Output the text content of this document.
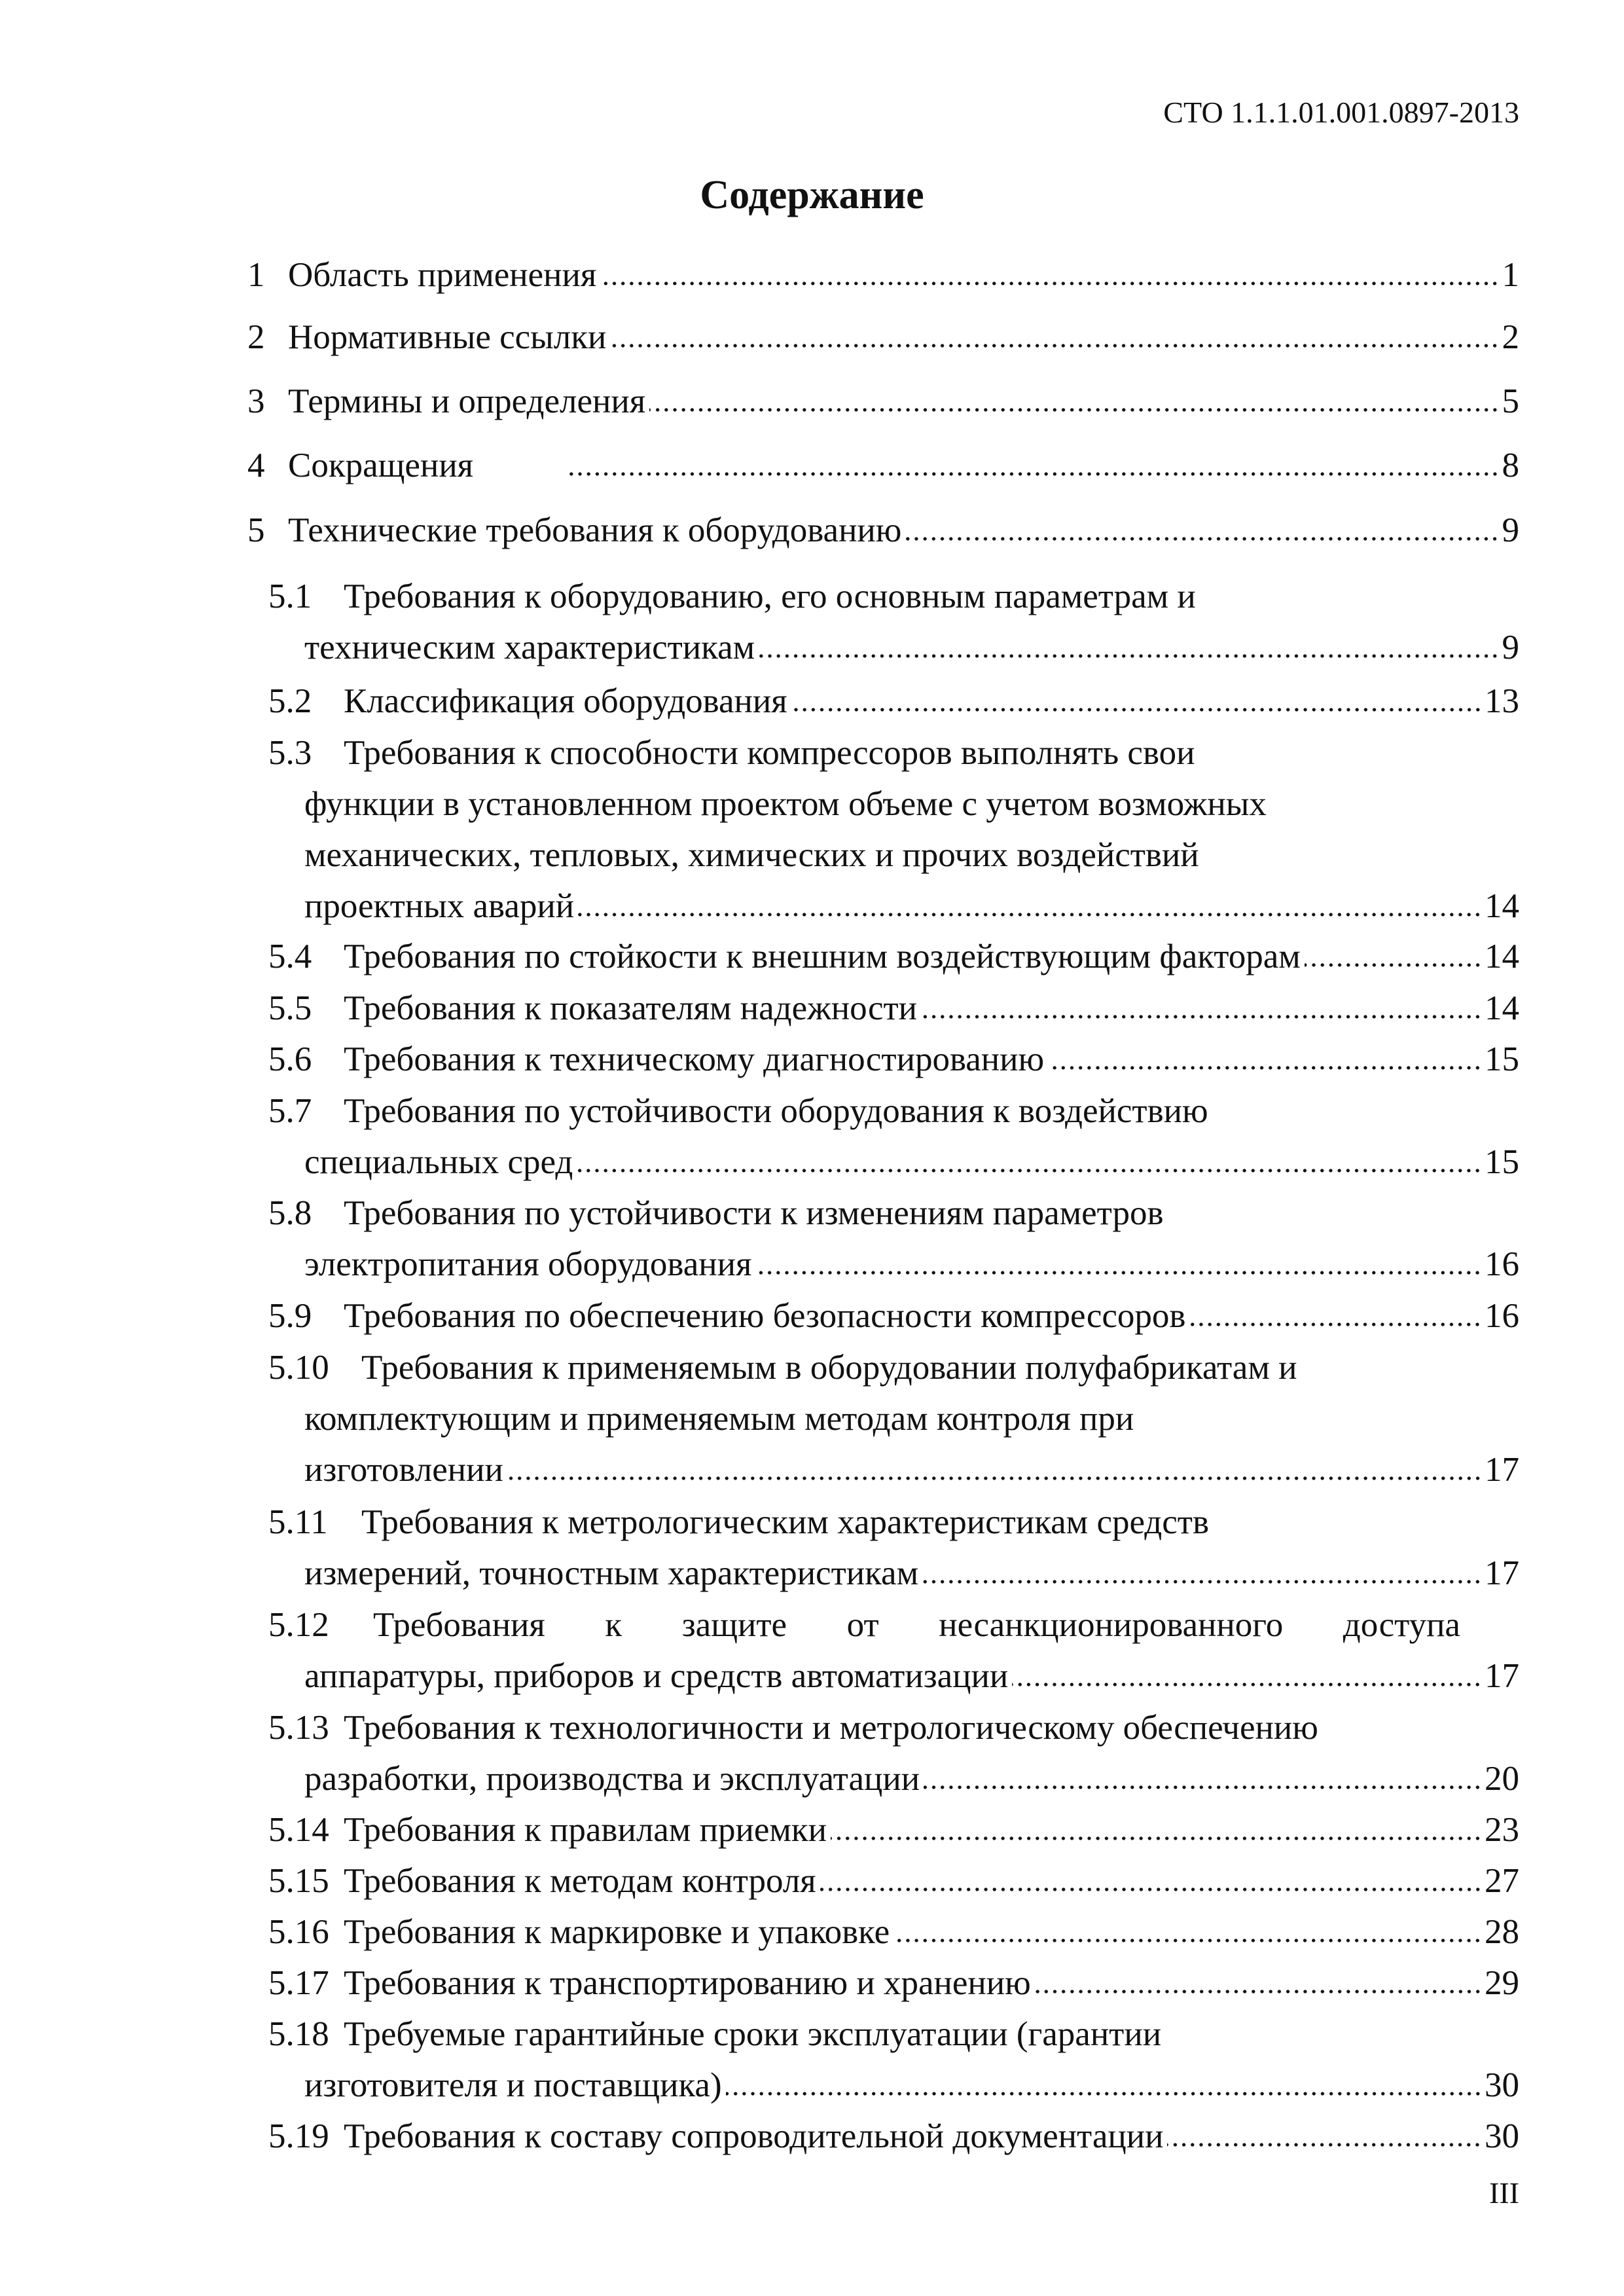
СТО 1.1.1.01.001.0897-2013
Содержание
1 Область применения	1
2 Нормативные ссылки	2
3 Термины и определения	5
4 Сокращения	8
5 Технические требования к оборудованию	9
5.1 Требования к оборудованию, его основным параметрам и
техническим характеристикам	9
5.2 Классификация оборудования	13
5.3 Требования к способности компрессоров выполнять свои
функции в установленном проектом объеме с учетом возможных
механических, тепловых, химических и прочих воздействий
проектных аварий	14
5.4 Требования по стойкости к внешним воздействующим факторам	14
5.5 Требования к показателям надежности	14
5.6 Требования к техническому диагностированию	15
5.7 Требования по устойчивости оборудования к воздействию
специальных сред	15
5.8 Требования по устойчивости к изменениям параметров
электропитания оборудования	16
5.9 Требования по обеспечению безопасности компрессоров	16
5.10 Требования к применяемым в оборудовании полуфабрикатам и
комплектующим и применяемым методам контроля при
изготовлении	17
5.11 Требования к метрологическим характеристикам средств
измерений, точностным характеристикам	17
5.12 Требования к защите от несанкционированного доступа
аппаратуры, приборов и средств автоматизации	17
5.13 Требования к технологичности и метрологическому обеспечению
разработки, производства и эксплуатации	20
5.14 Требования к правилам приемки	23
5.15 Требования к методам контроля	27
5.16 Требования к маркировке и упаковке	28
5.17 Требования к транспортированию и хранению	29
5.18 Требуемые гарантийные сроки эксплуатации (гарантии
изготовителя и поставщика)	30
5.19 Требования к составу сопроводительной документации	30
III
